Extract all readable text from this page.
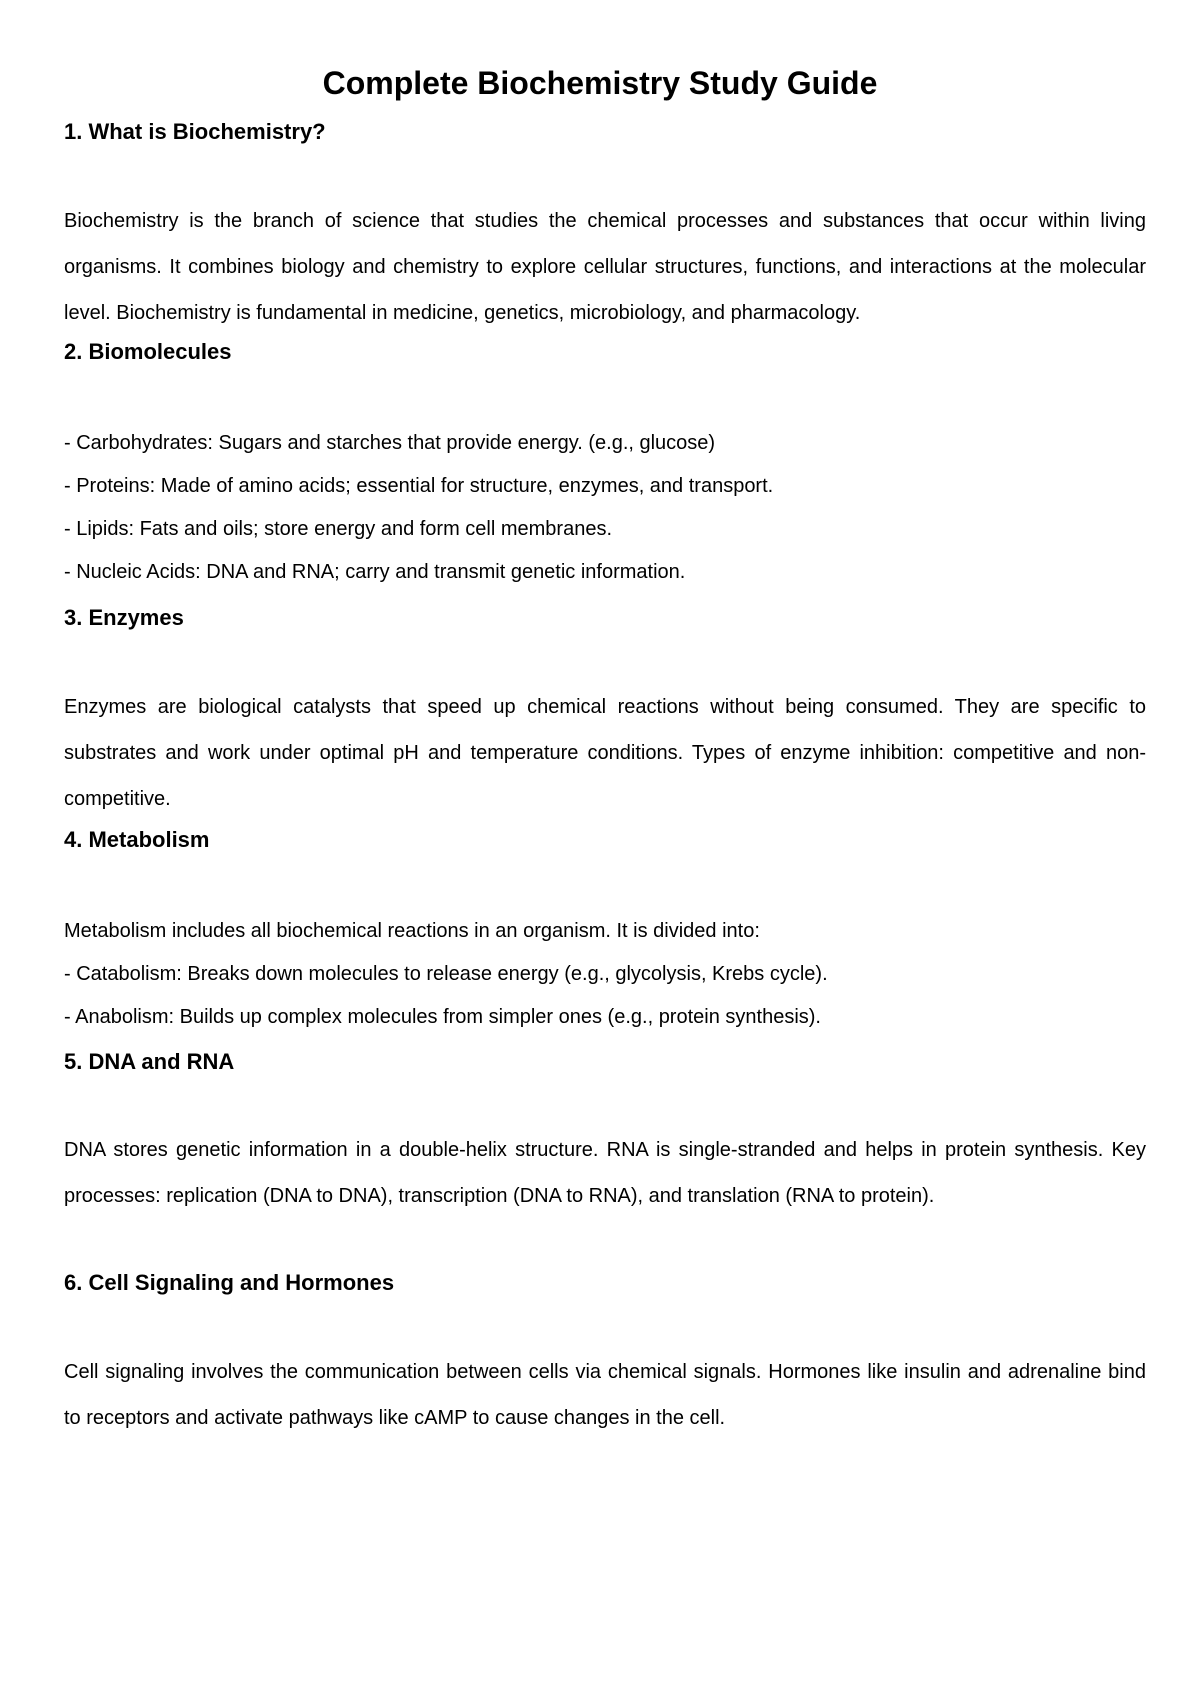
Complete Biochemistry Study Guide
1. What is Biochemistry?

Biochemistry is the branch of science that studies the chemical processes and substances that occur within living organisms. It combines biology and chemistry to explore cellular structures, functions, and interactions at the molecular level. Biochemistry is fundamental in medicine, genetics, microbiology, and pharmacology.

2. Biomolecules

- Carbohydrates: Sugars and starches that provide energy. (e.g., glucose)

- Proteins: Made of amino acids; essential for structure, enzymes, and transport.

- Lipids: Fats and oils; store energy and form cell membranes.

- Nucleic Acids: DNA and RNA; carry and transmit genetic information.

3. Enzymes

Enzymes are biological catalysts that speed up chemical reactions without being consumed. They are specific to substrates and work under optimal pH and temperature conditions. Types of enzyme inhibition: competitive and non-competitive.

4. Metabolism

Metabolism includes all biochemical reactions in an organism. It is divided into:

- Catabolism: Breaks down molecules to release energy (e.g., glycolysis, Krebs cycle).

- Anabolism: Builds up complex molecules from simpler ones (e.g., protein synthesis).

5. DNA and RNA

DNA stores genetic information in a double-helix structure. RNA is single-stranded and helps in protein synthesis. Key processes: replication (DNA to DNA), transcription (DNA to RNA), and translation (RNA to protein).

6. Cell Signaling and Hormones

Cell signaling involves the communication between cells via chemical signals. Hormones like insulin and adrenaline bind to receptors and activate pathways like cAMP to cause changes in the cell.
